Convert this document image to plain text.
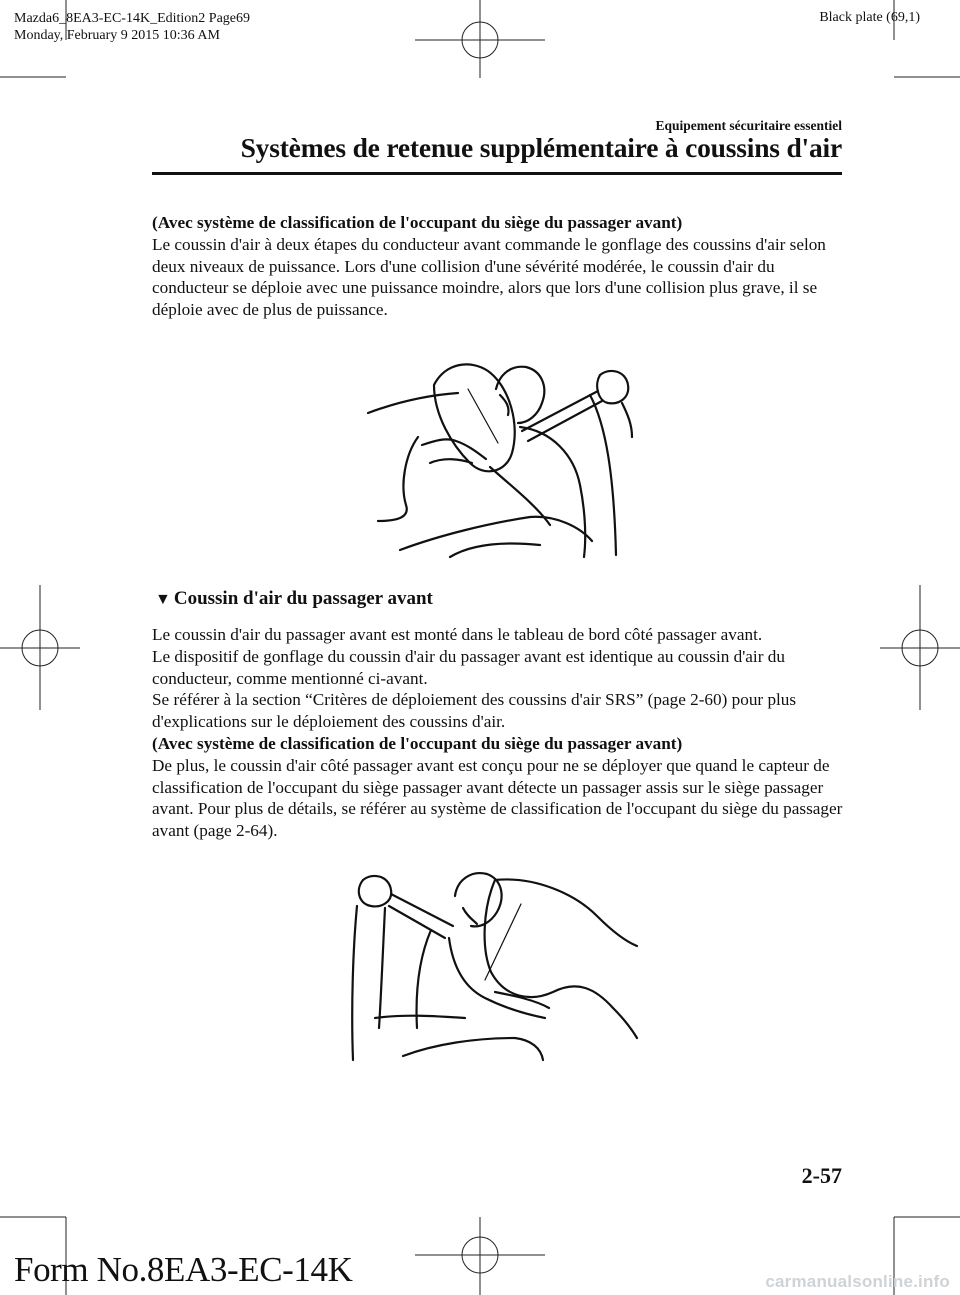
Mazda6_8EA3-EC-14K_Edition2 Page69
Monday, February 9 2015 10:36 AM
Black plate (69,1)
Equipement sécuritaire essentiel
Systèmes de retenue supplémentaire à coussins d'air

(Avec système de classification de l'occupant du siège du passager avant)

Le coussin d'air à deux étapes du conducteur avant commande le gonflage des coussins d'air selon deux niveaux de puissance. Lors d'une collision d'une sévérité modérée, le coussin d'air du conducteur se déploie avec une puissance moindre, alors que lors d'une collision plus grave, il se déploie avec de plus de puissance.

▼ Coussin d'air du passager avant

Le coussin d'air du passager avant est monté dans le tableau de bord côté passager avant.

Le dispositif de gonflage du coussin d'air du passager avant est identique au coussin d'air du conducteur, comme mentionné ci-avant.

Se référer à la section “Critères de déploiement des coussins d'air SRS” (page 2-60) pour plus d'explications sur le déploiement des coussins d'air.

(Avec système de classification de l'occupant du siège du passager avant)

De plus, le coussin d'air côté passager avant est conçu pour ne se déployer que quand le capteur de classification de l'occupant du siège passager avant détecte un passager assis sur le siège passager avant. Pour plus de détails, se référer au système de classification de l'occupant du siège du passager avant (page 2-64).

2-57
Form No.8EA3-EC-14K	carmanualsonline.info
